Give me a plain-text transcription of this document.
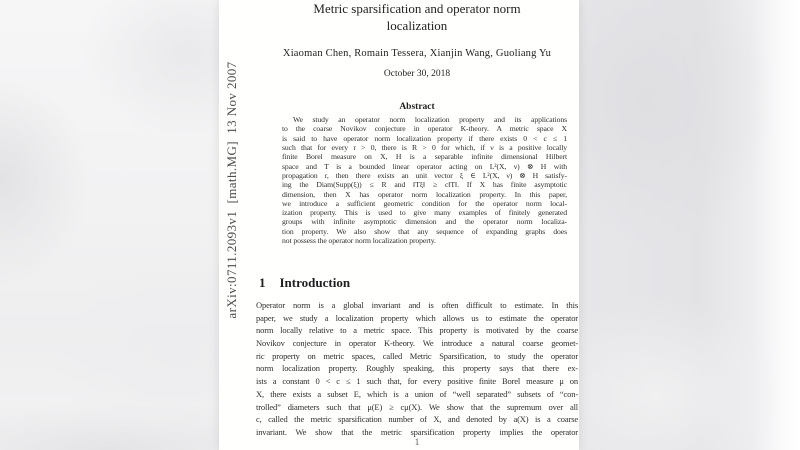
arXiv:0711.2093v1  [math.MG]  13 Nov 2007
Metric sparsification and operator norm
localization
Xiaoman Chen, Romain Tessera, Xianjin Wang, Guoliang Yu
October 30, 2018
Abstract
We study an operator norm localization property and its applications
to the coarse Novikov conjecture in operator K-theory. A metric space X
is said to have operator norm localization property if there exists 0 < c ≤ 1
such that for every r > 0, there is R > 0 for which, if ν is a positive locally
finite Borel measure on X, H is a separable infinite dimensional Hilbert
space and T is a bounded linear operator acting on L²(X, ν) ⊗ H with
propagation r, then there exists an unit vector ξ ∈ L²(X, ν) ⊗ H satisfy-
ing the Diam(Supp(ξ)) ≤ R and ‖Tξ‖ ≥ c‖T‖. If X has finite asymptotic
dimension, then X has operator norm localization property. In this paper,
we introduce a sufficient geometric condition for the operator norm local-
ization property. This is used to give many examples of finitely generated
groups with infinite asymptotic dimension and the operator norm localiza-
tion property. We also show that any sequence of expanding graphs does
not possess the operator norm localization property.
1 Introduction
Operator norm is a global invariant and is often difficult to estimate. In this
paper, we study a localization property which allows us to estimate the operator
norm locally relative to a metric space. This property is motivated by the coarse
Novikov conjecture in operator K-theory. We introduce a natural coarse geomet-
ric property on metric spaces, called Metric Sparsification, to study the operator
norm localization property. Roughly speaking, this property says that there ex-
ists a constant 0 < c ≤ 1 such that, for every positive finite Borel measure μ on
X, there exists a subset E, which is a union of “well separated” subsets of “con-
trolled” diameters such that μ(E) ≥ cμ(X). We show that the supremum over all
c, called the metric sparsification number of X, and denoted by a(X) is a coarse
invariant. We show that the metric sparsification property implies the operator
1
